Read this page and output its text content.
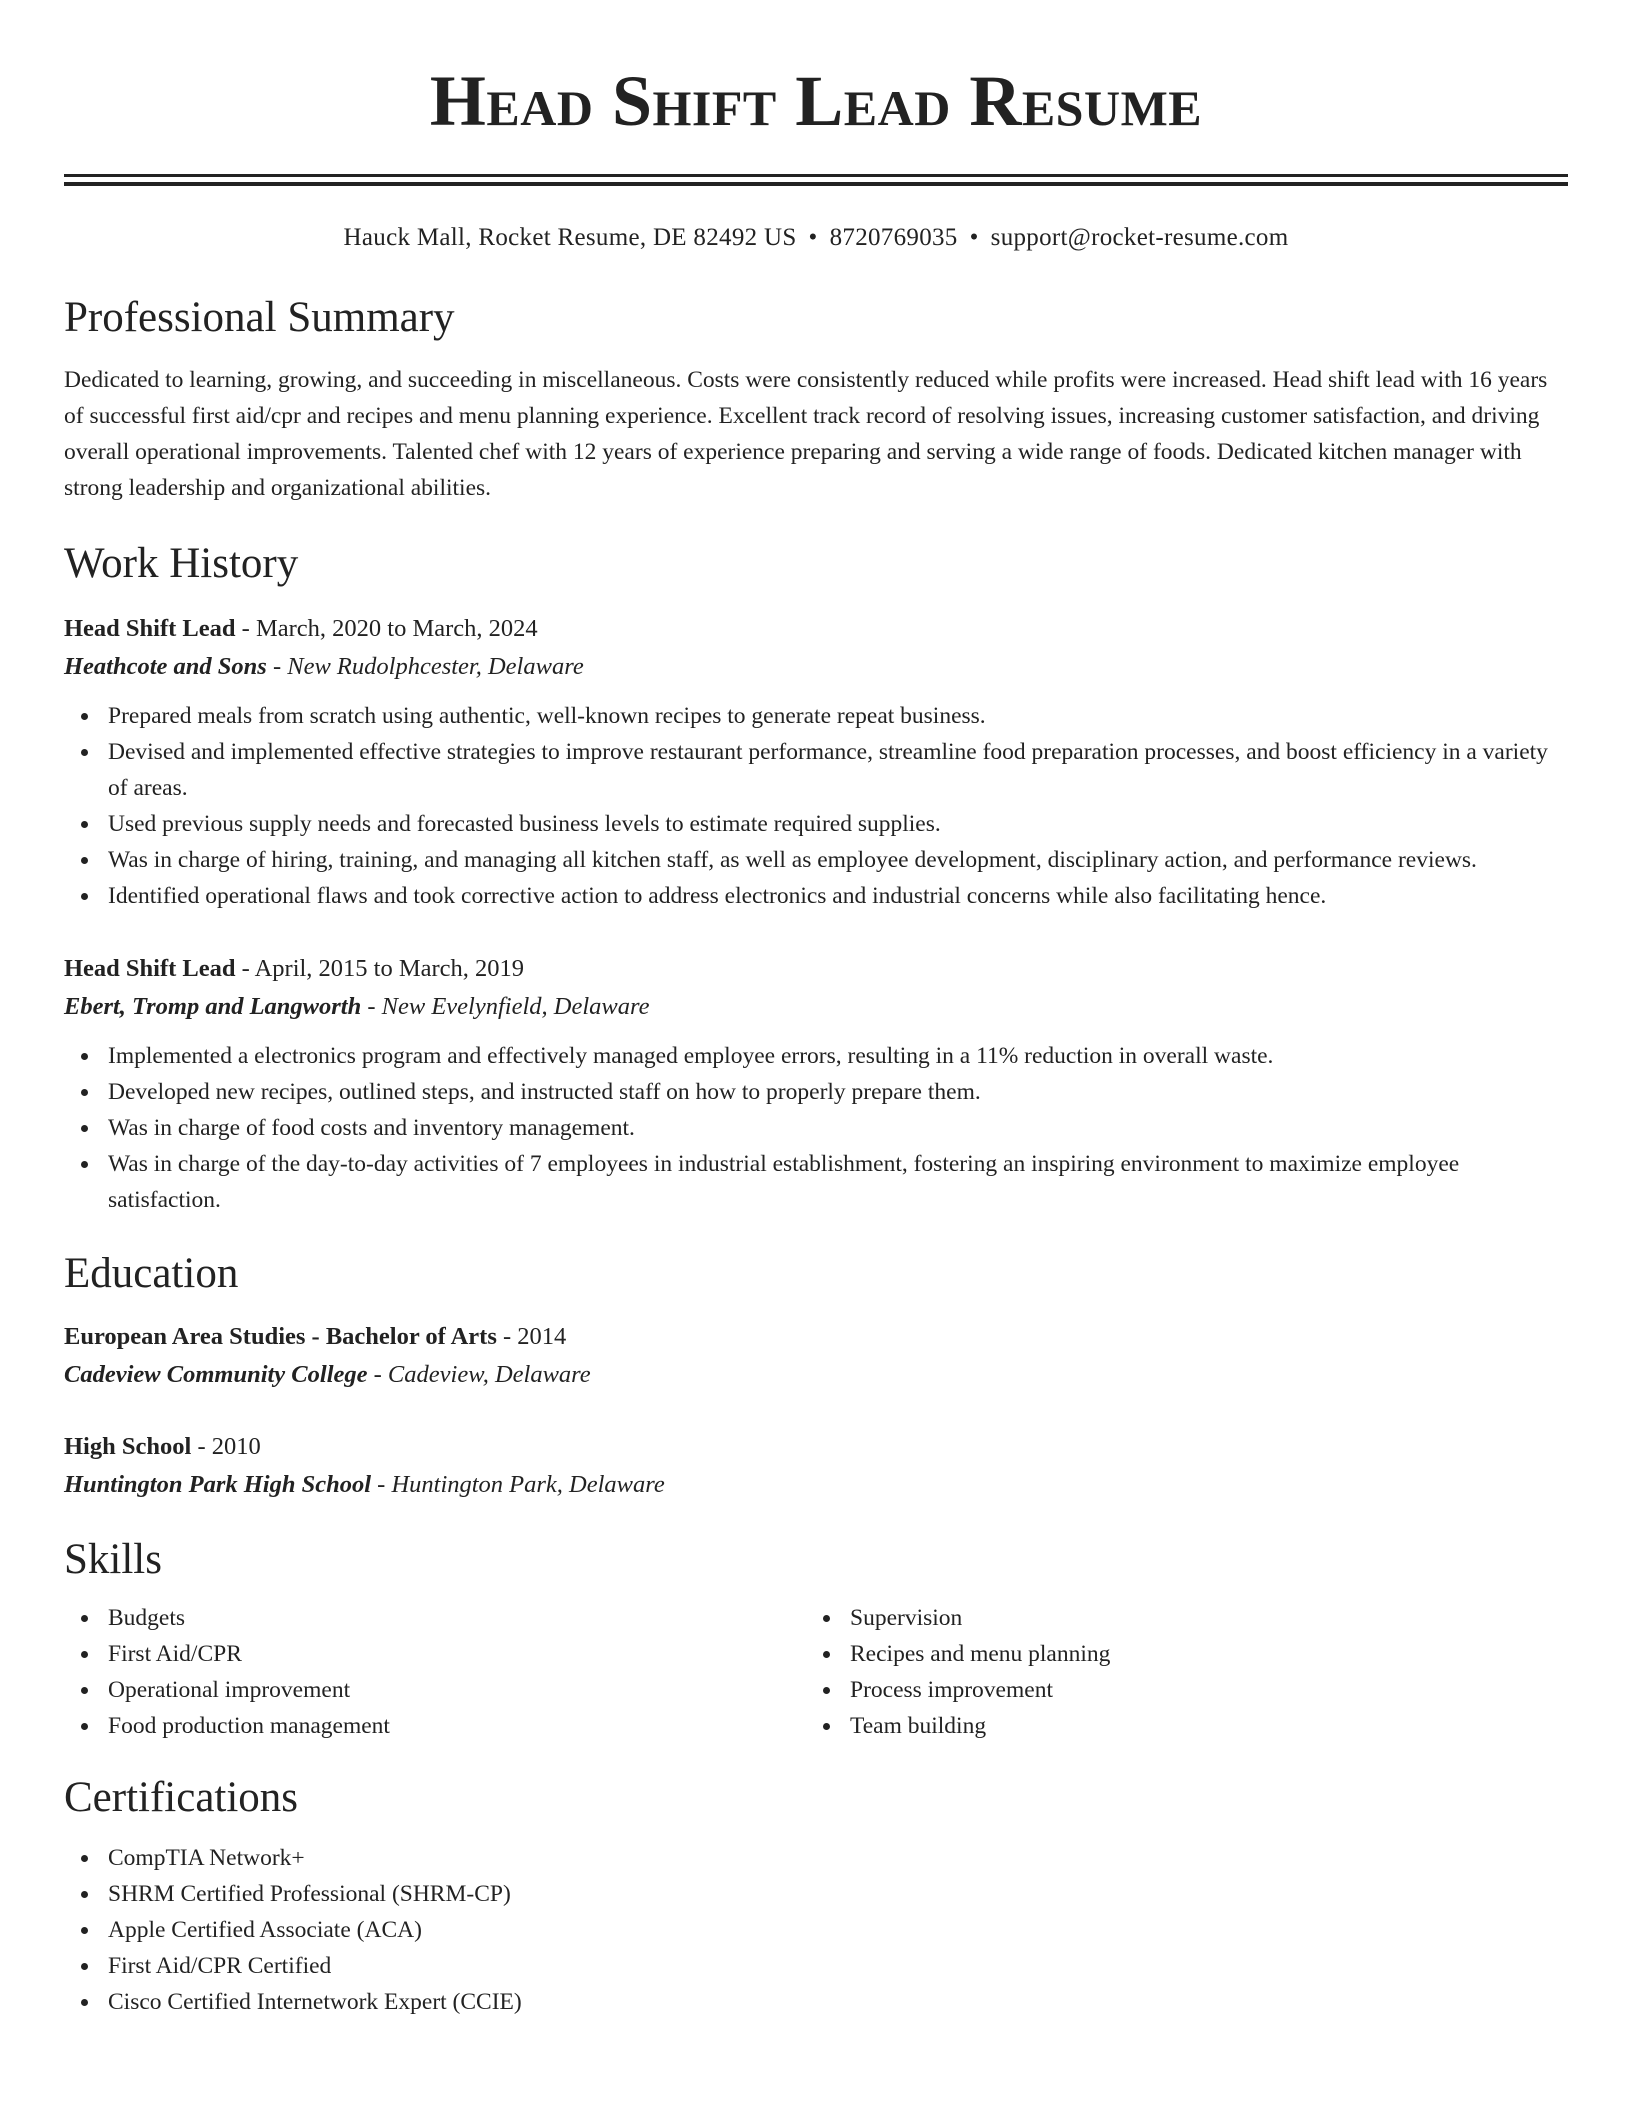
Head Shift Lead Resume
Hauck Mall, Rocket Resume, DE 82492 US • 8720769035 • support@rocket-resume.com
Professional Summary
Dedicated to learning, growing, and succeeding in miscellaneous. Costs were consistently reduced while profits were increased. Head shift lead with 16 years of successful first aid/cpr and recipes and menu planning experience. Excellent track record of resolving issues, increasing customer satisfaction, and driving overall operational improvements. Talented chef with 12 years of experience preparing and serving a wide range of foods. Dedicated kitchen manager with strong leadership and organizational abilities.
Work History
Head Shift Lead - March, 2020 to March, 2024
Heathcote and Sons - New Rudolphcester, Delaware
Prepared meals from scratch using authentic, well-known recipes to generate repeat business.
Devised and implemented effective strategies to improve restaurant performance, streamline food preparation processes, and boost efficiency in a variety of areas.
Used previous supply needs and forecasted business levels to estimate required supplies.
Was in charge of hiring, training, and managing all kitchen staff, as well as employee development, disciplinary action, and performance reviews.
Identified operational flaws and took corrective action to address electronics and industrial concerns while also facilitating hence.
Head Shift Lead - April, 2015 to March, 2019
Ebert, Tromp and Langworth - New Evelynfield, Delaware
Implemented a electronics program and effectively managed employee errors, resulting in a 11% reduction in overall waste.
Developed new recipes, outlined steps, and instructed staff on how to properly prepare them.
Was in charge of food costs and inventory management.
Was in charge of the day-to-day activities of 7 employees in industrial establishment, fostering an inspiring environment to maximize employee satisfaction.
Education
European Area Studies - Bachelor of Arts - 2014
Cadeview Community College - Cadeview, Delaware
High School - 2010
Huntington Park High School - Huntington Park, Delaware
Skills
Budgets
First Aid/CPR
Operational improvement
Food production management
Supervision
Recipes and menu planning
Process improvement
Team building
Certifications
CompTIA Network+
SHRM Certified Professional (SHRM-CP)
Apple Certified Associate (ACA)
First Aid/CPR Certified
Cisco Certified Internetwork Expert (CCIE)
